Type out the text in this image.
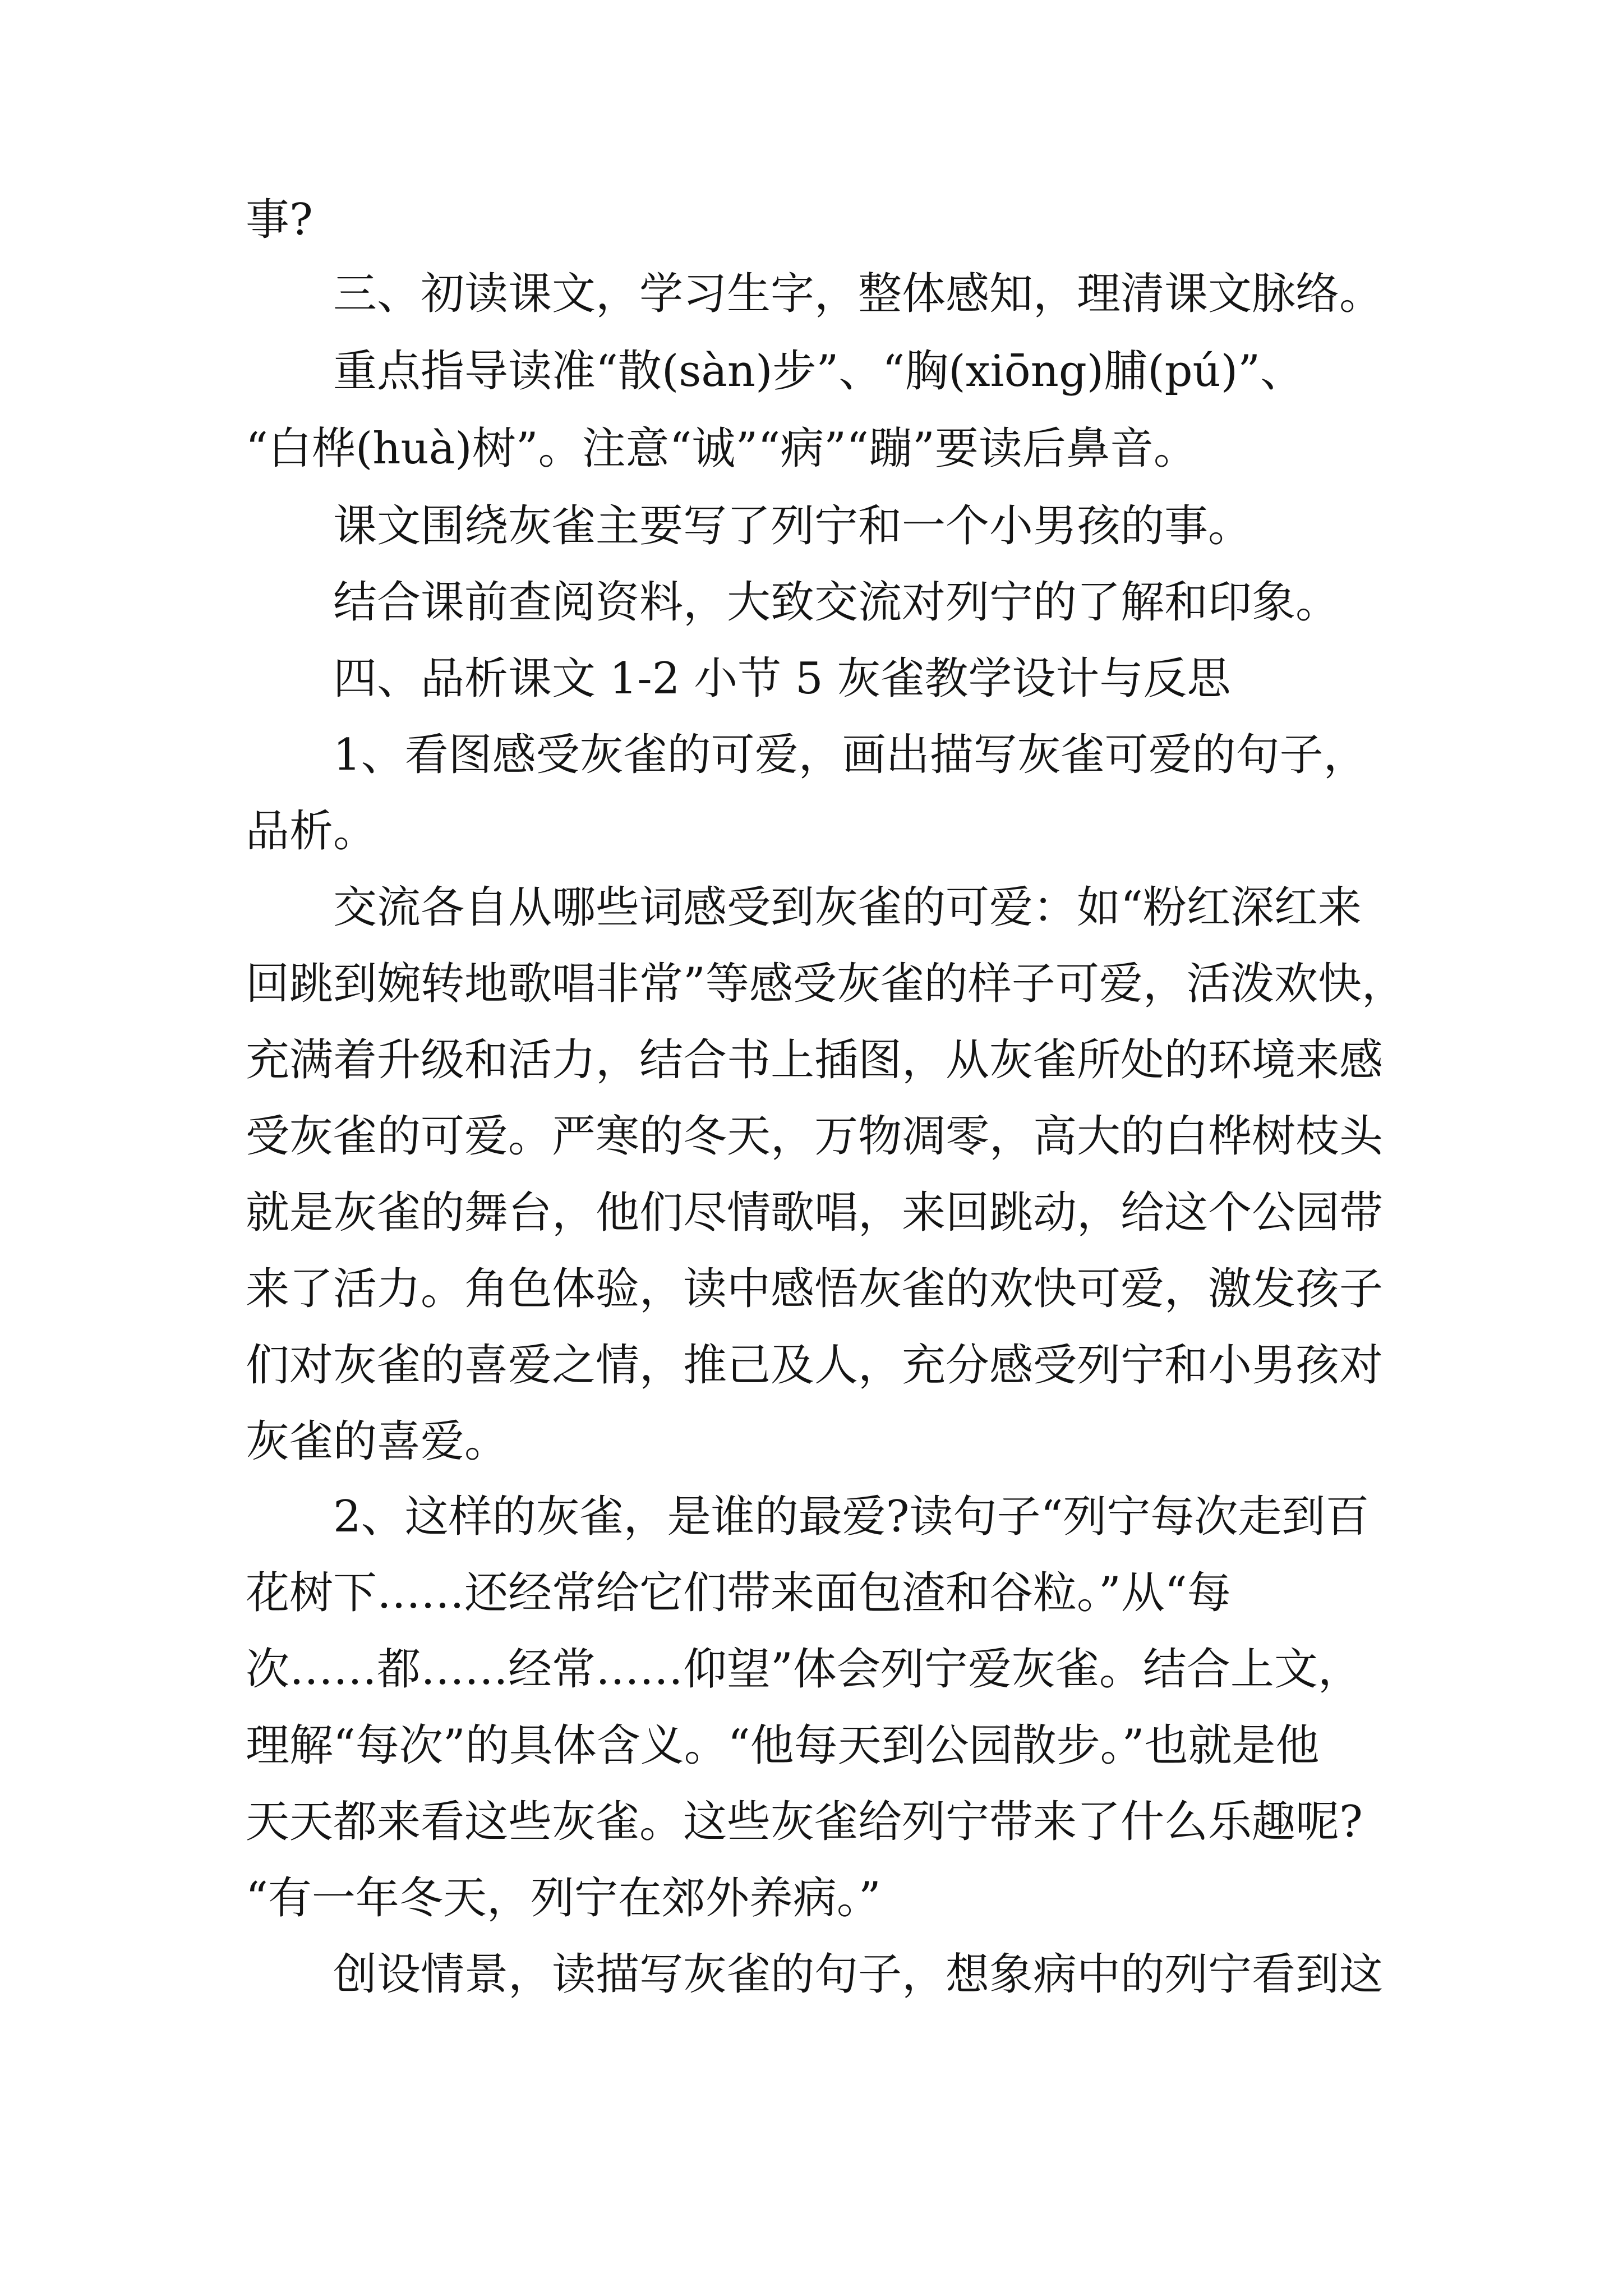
事?
三、初读课文，学习生字，整体感知，理清课文脉络。
重点指导读准“散(sàn)步”、“胸(xiōng)脯(pú)”、
“白桦(huà)树”。注意“诚”“病”“蹦”要读后鼻音。
课文围绕灰雀主要写了列宁和一个小男孩的事。
结合课前查阅资料，大致交流对列宁的了解和印象。
四、品析课文 1-2 小节 5 灰雀教学设计与反思
1、看图感受灰雀的可爱，画出描写灰雀可爱的句子，
品析。
交流各自从哪些词感受到灰雀的可爱：如“粉红深红来
回跳到婉转地歌唱非常”等感受灰雀的样子可爱，活泼欢快，
充满着升级和活力，结合书上插图，从灰雀所处的环境来感
受灰雀的可爱。严寒的冬天，万物凋零，高大的白桦树枝头
就是灰雀的舞台，他们尽情歌唱，来回跳动，给这个公园带
来了活力。角色体验，读中感悟灰雀的欢快可爱，激发孩子
们对灰雀的喜爱之情，推己及人，充分感受列宁和小男孩对
灰雀的喜爱。
2、这样的灰雀，是谁的最爱?读句子“列宁每次走到百
花树下……还经常给它们带来面包渣和谷粒。”从“每
次……都……经常……仰望”体会列宁爱灰雀。结合上文，
理解“每次”的具体含义。“他每天到公园散步。”也就是他
天天都来看这些灰雀。这些灰雀给列宁带来了什么乐趣呢?
“有一年冬天，列宁在郊外养病。”
创设情景，读描写灰雀的句子，想象病中的列宁看到这
